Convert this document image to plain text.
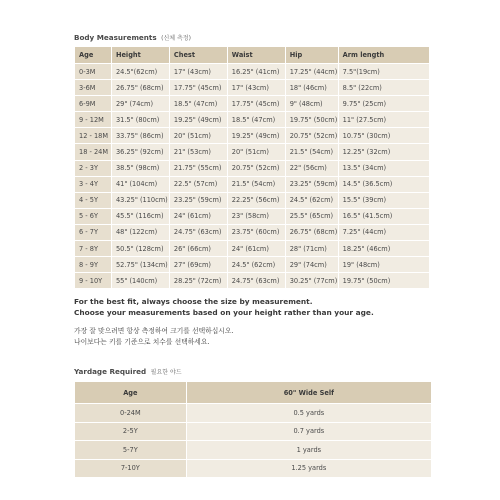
Body Measurements (신체 측정)
Age	Height	Chest	Waist	Hip	Arm length
0-3M	24.5"(62cm)	17" (43cm)	16.25" (41cm)	17.25" (44cm)	7.5"(19cm)
3-6M	26.75" (68cm)	17.75" (45cm)	17" (43cm)	18" (46cm)	8.5" (22cm)
6-9M	29" (74cm)	18.5" (47cm)	17.75" (45cm)	9" (48cm)	9.75" (25cm)
9 - 12M	31.5" (80cm)	19.25" (49cm)	18.5" (47cm)	19.75" (50cm)	11" (27.5cm)
12 - 18M	33.75" (86cm)	20" (51cm)	19.25" (49cm)	20.75" (52cm)	10.75" (30cm)
18 - 24M	36.25" (92cm)	21" (53cm)	20" (51cm)	21.5" (54cm)	12.25" (32cm)
2 - 3Y	38.5" (98cm)	21.75" (55cm)	20.75" (52cm)	22" (56cm)	13.5" (34cm)
3 - 4Y	41" (104cm)	22.5" (57cm)	21.5" (54cm)	23.25" (59cm)	14.5" (36.5cm)
4 - 5Y	43.25" (110cm)	23.25" (59cm)	22.25" (56cm)	24.5" (62cm)	15.5" (39cm)
5 - 6Y	45.5" (116cm)	24" (61cm)	23" (58cm)	25.5" (65cm)	16.5" (41.5cm)
6 - 7Y	48" (122cm)	24.75" (63cm)	23.75" (60cm)	26.75" (68cm)	7.25" (44cm)
7 - 8Y	50.5" (128cm)	26" (66cm)	24" (61cm)	28" (71cm)	18.25" (46cm)
8 - 9Y	52.75" (134cm)	27" (69cm)	24.5" (62cm)	29" (74cm)	19" (48cm)
9 - 10Y	55" (140cm)	28.25" (72cm)	24.75" (63cm)	30.25" (77cm)	19.75" (50cm)
For the best fit, always choose the size by measurement.
Choose your measurements based on your height rather than your age.
가장 잘 맞으려면 항상 측정하여 크기를 선택하십시오.
나이보다는 키를 기준으로 치수를 선택하세요.
Yardage Required 필요한 야드
Age	60" Wide Self
0-24M	0.5 yards
2-5Y	0.7 yards
5-7Y	1 yards
7-10Y	1.25 yards
